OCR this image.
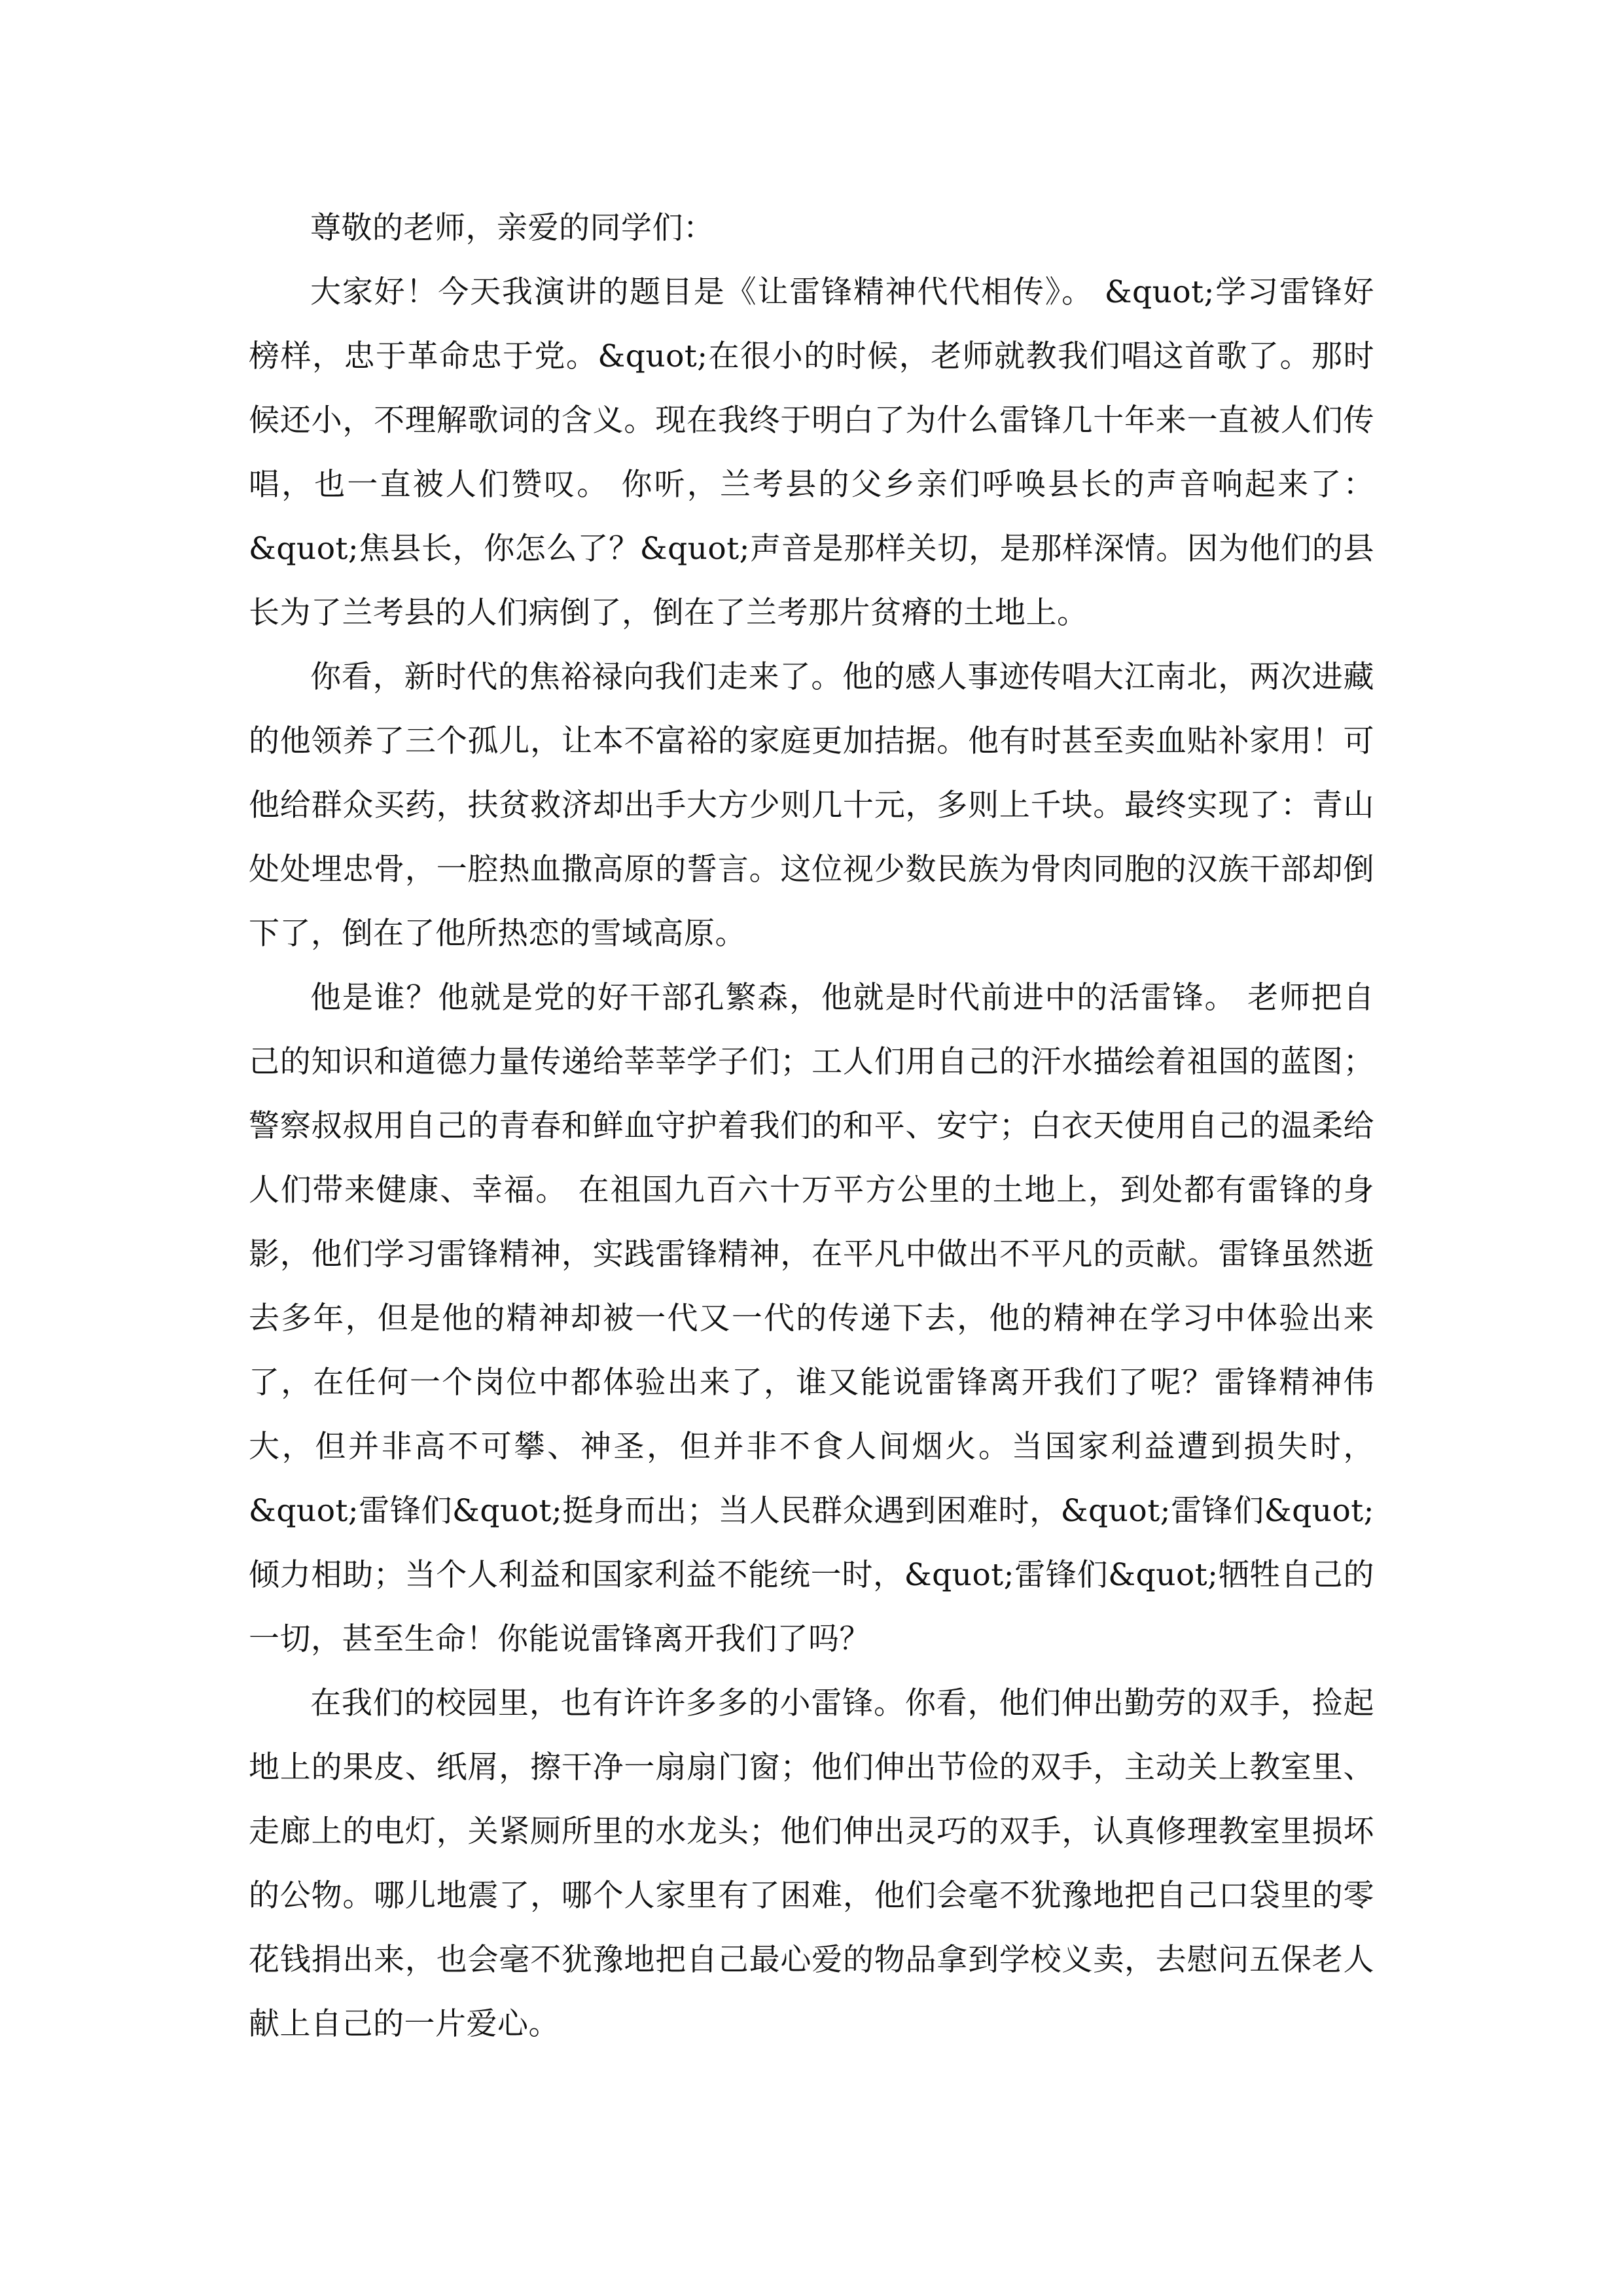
尊敬的老师，亲爱的同学们：

大家好！今天我演讲的题目是《让雷锋精神代代相传》。 &quot;学习雷锋好榜样，忠于革命忠于党。&quot;在很小的时候，老师就教我们唱这首歌了。那时候还小，不理解歌词的含义。现在我终于明白了为什么雷锋几十年来一直被人们传唱，也一直被人们赞叹。 你听，兰考县的父乡亲们呼唤县长的声音响起来了：&quot;焦县长，你怎么了？&quot;声音是那样关切，是那样深情。因为他们的县长为了兰考县的人们病倒了，倒在了兰考那片贫瘠的土地上。

你看，新时代的焦裕禄向我们走来了。他的感人事迹传唱大江南北，两次进藏的他领养了三个孤儿，让本不富裕的家庭更加拮据。他有时甚至卖血贴补家用！可他给群众买药，扶贫救济却出手大方少则几十元，多则上千块。最终实现了：青山处处埋忠骨，一腔热血撒高原的誓言。这位视少数民族为骨肉同胞的汉族干部却倒下了，倒在了他所热恋的雪域高原。

他是谁？他就是党的好干部孔繁森，他就是时代前进中的活雷锋。 老师把自己的知识和道德力量传递给莘莘学子们；工人们用自己的汗水描绘着祖国的蓝图；警察叔叔用自己的青春和鲜血守护着我们的和平、安宁；白衣天使用自己的温柔给人们带来健康、幸福。 在祖国九百六十万平方公里的土地上，到处都有雷锋的身影，他们学习雷锋精神，实践雷锋精神，在平凡中做出不平凡的贡献。雷锋虽然逝去多年，但是他的精神却被一代又一代的传递下去，他的精神在学习中体验出来了，在任何一个岗位中都体验出来了，谁又能说雷锋离开我们了呢？雷锋精神伟大，但并非高不可攀、神圣，但并非不食人间烟火。当国家利益遭到损失时，&quot;雷锋们&quot;挺身而出；当人民群众遇到困难时，&quot;雷锋们&quot;倾力相助；当个人利益和国家利益不能统一时，&quot;雷锋们&quot;牺牲自己的一切，甚至生命！你能说雷锋离开我们了吗？

在我们的校园里，也有许许多多的小雷锋。你看，他们伸出勤劳的双手，捡起地上的果皮、纸屑，擦干净一扇扇门窗；他们伸出节俭的双手，主动关上教室里、走廊上的电灯，关紧厕所里的水龙头；他们伸出灵巧的双手，认真修理教室里损坏的公物。哪儿地震了，哪个人家里有了困难，他们会毫不犹豫地把自己口袋里的零花钱捐出来，也会毫不犹豫地把自己最心爱的物品拿到学校义卖，去慰问五保老人献上自己的一片爱心。
